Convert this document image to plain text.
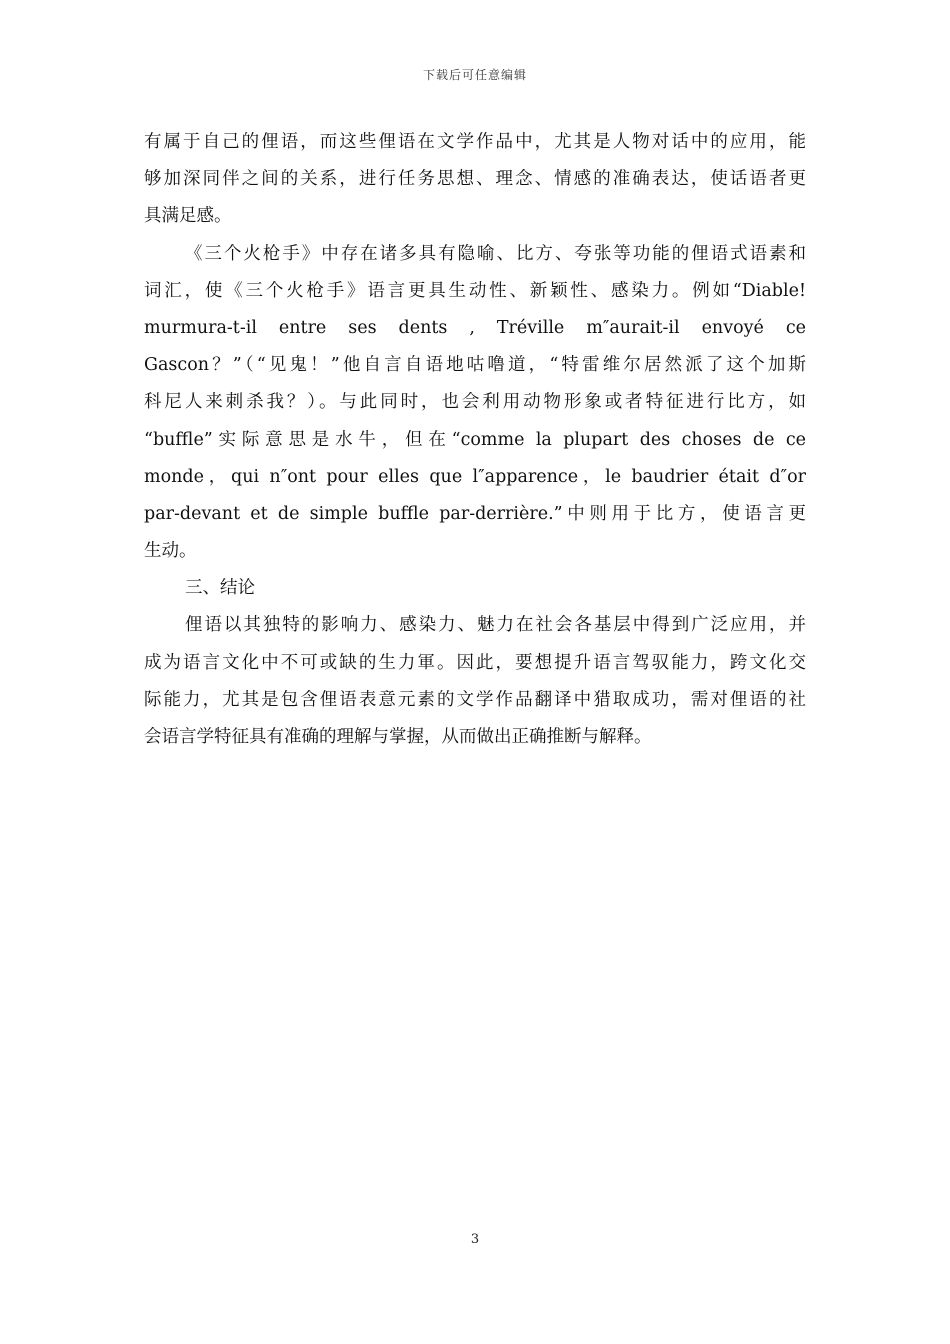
下载后可任意编辑
有属于自己的俚语，而这些俚语在文学作品中，尤其是人物对话中的应用，能
够加深同伴之间的关系，进行任务思想、理念、情感的准确表达，使话语者更
具满足感。
《三个火枪手》中存在诸多具有隐喻、比方、夸张等功能的俚语式语素和
词汇，使《三个火枪手》语言更具生动性、新颖性、感染力。例如“Diable!
murmura-t-il entre ses dents , Tréville m″aurait-il envoyé ce
Gascon？”（“见鬼！”他自言自语地咕噜道，“特雷维尔居然派了这个加斯
科尼人来刺杀我？）。与此同时，也会利用动物形象或者特征进行比方，如
“buffle”实际意思是水牛，但在“comme la plupart des choses de ce
monde，qui n″ont pour elles que l″apparence，le baudrier était d″or
par-devant et de simple buffle par-derrière.”中则用于比方，使语言更
生动。
三、结论
俚语以其独特的影响力、感染力、魅力在社会各基层中得到广泛应用，并
成为语言文化中不可或缺的生力軍。因此，要想提升语言驾驭能力，跨文化交
际能力，尤其是包含俚语表意元素的文学作品翻译中猎取成功，需对俚语的社
会语言学特征具有准确的理解与掌握，从而做出正确推断与解释。
3
